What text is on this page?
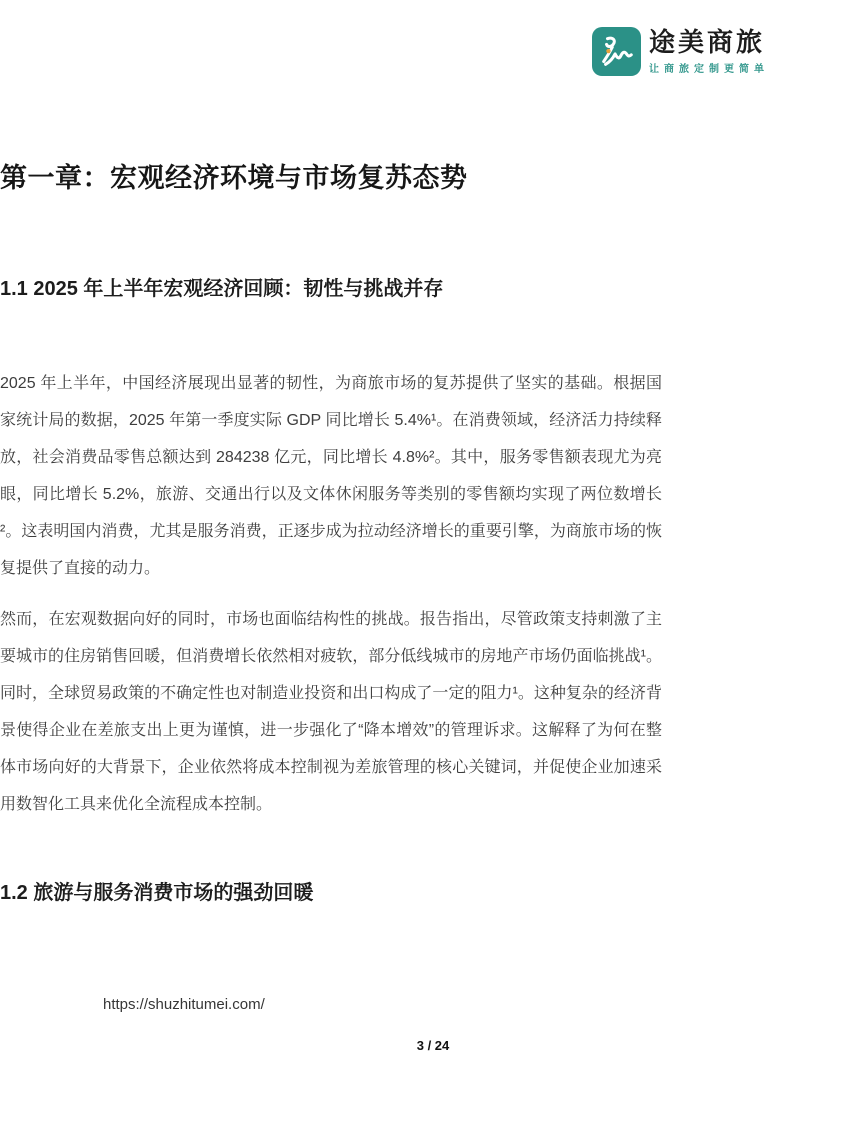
途美商旅
让商旅定制更简单
第一章：宏观经济环境与市场复苏态势
1.1 2025 年上半年宏观经济回顾：韧性与挑战并存

2025 年上半年，中国经济展现出显著的韧性，为商旅市场的复苏提供了坚实的基础。根据国家统计局的数据，2025 年第一季度实际 GDP 同比增长 5.4%¹。在消费领域，经济活力持续释放，社会消费品零售总额达到 284238 亿元，同比增长 4.8%²。其中，服务零售额表现尤为亮眼，同比增长 5.2%，旅游、交通出行以及文体休闲服务等类别的零售额均实现了两位数增长²。这表明国内消费，尤其是服务消费，正逐步成为拉动经济增长的重要引擎，为商旅市场的恢复提供了直接的动力。

然而，在宏观数据向好的同时，市场也面临结构性的挑战。报告指出，尽管政策支持刺激了主要城市的住房销售回暖，但消费增长依然相对疲软，部分低线城市的房地产市场仍面临挑战¹。同时，全球贸易政策的不确定性也对制造业投资和出口构成了一定的阻力¹。这种复杂的经济背景使得企业在差旅支出上更为谨慎，进一步强化了“降本增效”的管理诉求。这解释了为何在整体市场向好的大背景下，企业依然将成本控制视为差旅管理的核心关键词，并促使企业加速采用数智化工具来优化全流程成本控制。

1.2 旅游与服务消费市场的强劲回暖
https://shuzhitumei.com/
3 / 24
